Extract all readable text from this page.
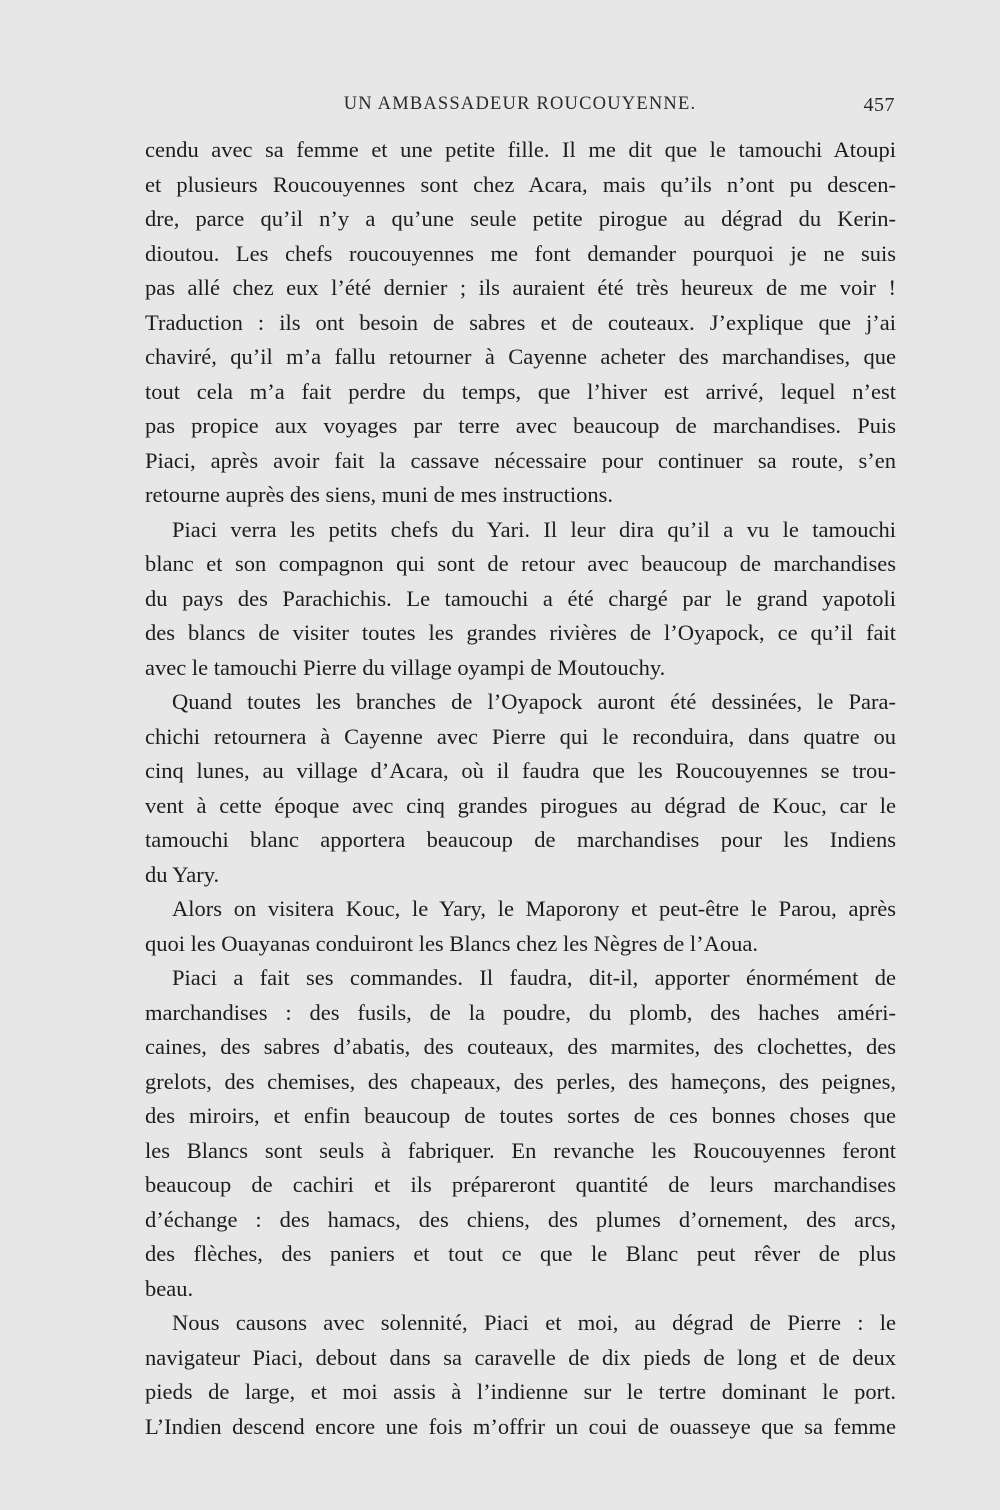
UN AMBASSADEUR ROUCOUYENNE.	457
cendu avec sa femme et une petite fille. Il me dit que le tamouchi Atoupi
et plusieurs Roucouyennes sont chez Acara, mais qu’ils n’ont pu descen-
dre, parce qu’il n’y a qu’une seule petite pirogue au dégrad du Kerin-
dioutou. Les chefs roucouyennes me font demander pourquoi je ne suis
pas allé chez eux l’été dernier ; ils auraient été très heureux de me voir !
Traduction : ils ont besoin de sabres et de couteaux. J’explique que j’ai
chaviré, qu’il m’a fallu retourner à Cayenne acheter des marchandises, que
tout cela m’a fait perdre du temps, que l’hiver est arrivé, lequel n’est
pas propice aux voyages par terre avec beaucoup de marchandises. Puis
Piaci, après avoir fait la cassave nécessaire pour continuer sa route, s’en
retourne auprès des siens, muni de mes instructions.
Piaci verra les petits chefs du Yari. Il leur dira qu’il a vu le tamouchi
blanc et son compagnon qui sont de retour avec beaucoup de marchandises
du pays des Parachichis. Le tamouchi a été chargé par le grand yapotoli
des blancs de visiter toutes les grandes rivières de l’Oyapock, ce qu’il fait
avec le tamouchi Pierre du village oyampi de Moutouchy.
Quand toutes les branches de l’Oyapock auront été dessinées, le Para-
chichi retournera à Cayenne avec Pierre qui le reconduira, dans quatre ou
cinq lunes, au village d’Acara, où il faudra que les Roucouyennes se trou-
vent à cette époque avec cinq grandes pirogues au dégrad de Kouc, car le
tamouchi blanc apportera beaucoup de marchandises pour les Indiens
du Yary.
Alors on visitera Kouc, le Yary, le Maporony et peut-être le Parou, après
quoi les Ouayanas conduiront les Blancs chez les Nègres de l’Aoua.
Piaci a fait ses commandes. Il faudra, dit-il, apporter énormément de
marchandises : des fusils, de la poudre, du plomb, des haches améri-
caines, des sabres d’abatis, des couteaux, des marmites, des clochettes, des
grelots, des chemises, des chapeaux, des perles, des hameçons, des peignes,
des miroirs, et enfin beaucoup de toutes sortes de ces bonnes choses que
les Blancs sont seuls à fabriquer. En revanche les Roucouyennes feront
beaucoup de cachiri et ils prépareront quantité de leurs marchandises
d’échange : des hamacs, des chiens, des plumes d’ornement, des arcs,
des flèches, des paniers et tout ce que le Blanc peut rêver de plus
beau.
Nous causons avec solennité, Piaci et moi, au dégrad de Pierre : le
navigateur Piaci, debout dans sa caravelle de dix pieds de long et de deux
pieds de large, et moi assis à l’indienne sur le tertre dominant le port.
L’Indien descend encore une fois m’offrir un coui de ouasseye que sa femme
